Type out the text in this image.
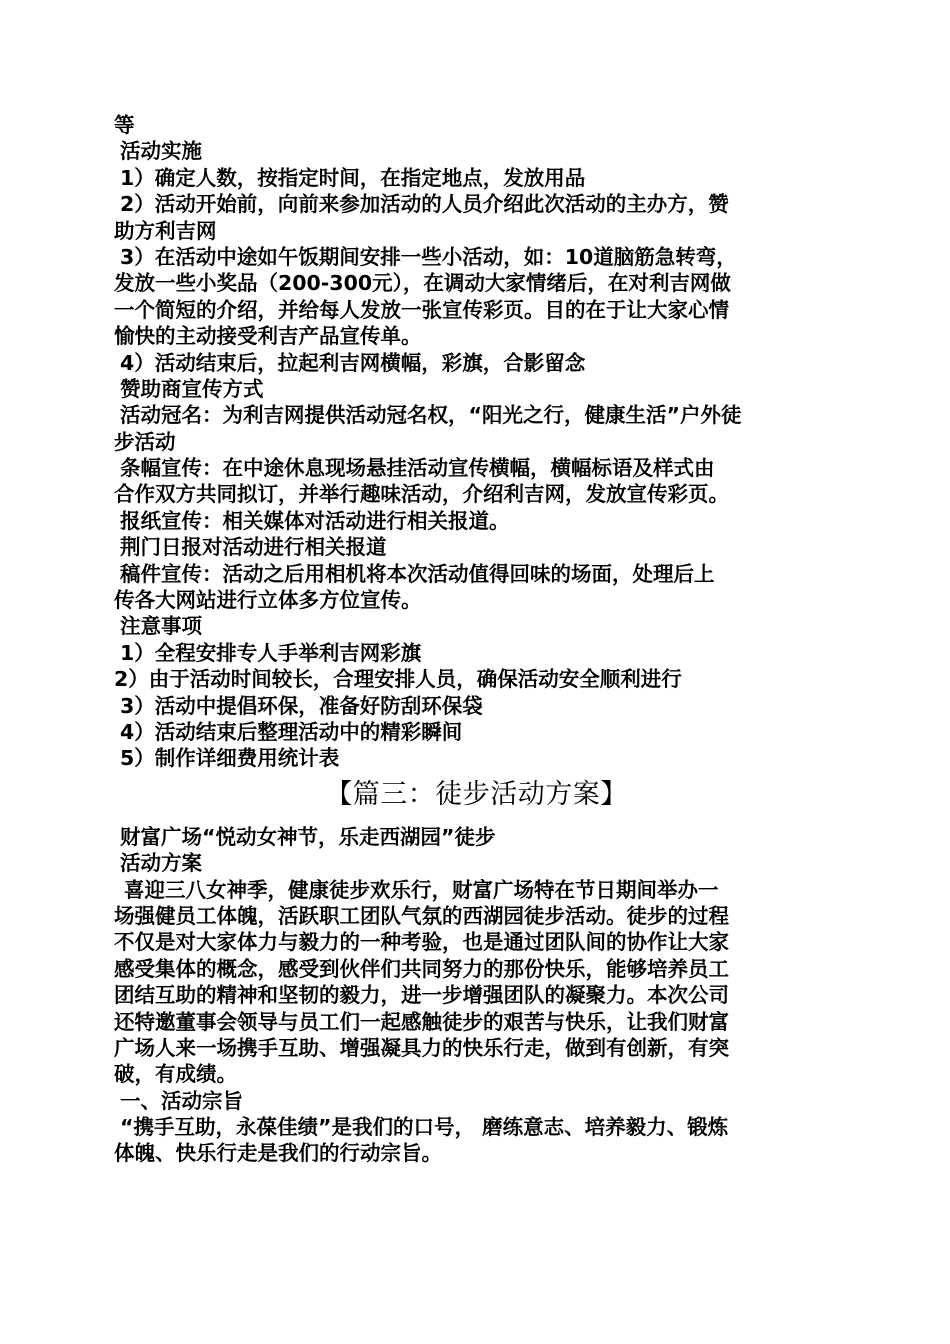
等
活动实施
1）确定人数，按指定时间，在指定地点，发放用品
2）活动开始前，向前来参加活动的人员介绍此次活动的主办方，赞
助方利吉网
3）在活动中途如午饭期间安排一些小活动，如：10道脑筋急转弯，
发放一些小奖品（200-300元），在调动大家情绪后，在对利吉网做
一个简短的介绍，并给每人发放一张宣传彩页。目的在于让大家心情
愉快的主动接受利吉产品宣传单。
4）活动结束后，拉起利吉网横幅，彩旗，合影留念
赞助商宣传方式
活动冠名：为利吉网提供活动冠名权，“阳光之行，健康生活”户外徒
步活动
条幅宣传：在中途休息现场悬挂活动宣传横幅，横幅标语及样式由
合作双方共同拟订，并举行趣味活动，介绍利吉网，发放宣传彩页。
报纸宣传：相关媒体对活动进行相关报道。
荆门日报对活动进行相关报道
稿件宣传：活动之后用相机将本次活动值得回味的场面，处理后上
传各大网站进行立体多方位宣传。
注意事项
1）全程安排专人手举利吉网彩旗
2）由于活动时间较长，合理安排人员，确保活动安全顺利进行
3）活动中提倡环保，准备好防刮环保袋
4）活动结束后整理活动中的精彩瞬间
5）制作详细费用统计表
【篇三：徒步活动方案】
财富广场“悦动女神节，乐走西湖园”徒步
活动方案
喜迎三八女神季，健康徒步欢乐行，财富广场特在节日期间举办一
场强健员工体魄，活跃职工团队气氛的西湖园徒步活动。徒步的过程
不仅是对大家体力与毅力的一种考验，也是通过团队间的协作让大家
感受集体的概念，感受到伙伴们共同努力的那份快乐，能够培养员工
团结互助的精神和坚韧的毅力，进一步增强团队的凝聚力。本次公司
还特邀董事会领导与员工们一起感触徒步的艰苦与快乐，让我们财富
广场人来一场携手互助、增强凝具力的快乐行走，做到有创新，有突
破，有成绩。
一、活动宗旨
“携手互助，永葆佳绩”是我们的口号， 磨练意志、培养毅力、锻炼
体魄、快乐行走是我们的行动宗旨。
